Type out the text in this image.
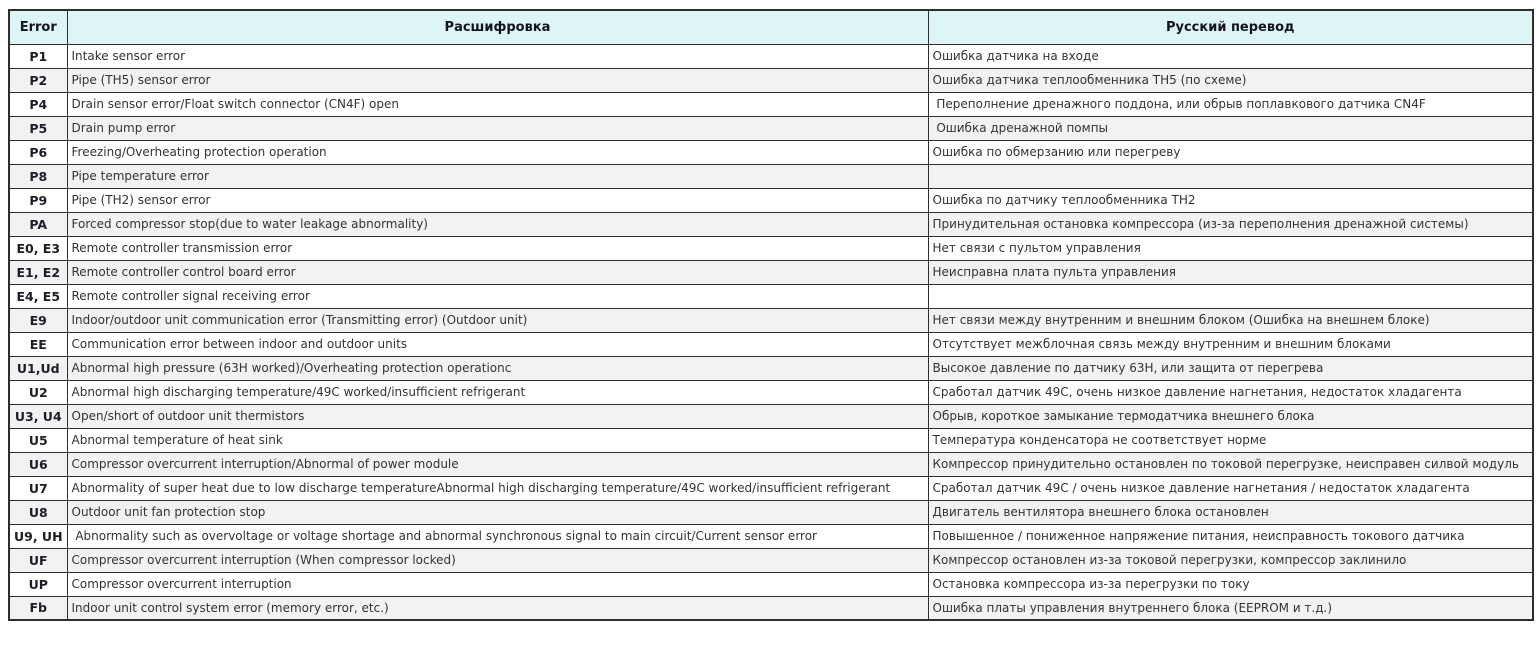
Error	Расшифровка	Русский перевод
P1	Intake sensor error	Ошибка датчика на входе
P2	Pipe (TH5) sensor error	Ошибка датчика теплообменника TH5 (по схеме)
P4	Drain sensor error/Float switch connector (CN4F) open	Переполнение дренажного поддона, или обрыв поплавкового датчика CN4F
P5	Drain pump error	Ошибка дренажной помпы
P6	Freezing/Overheating protection operation	Ошибка по обмерзанию или перегреву
P8	Pipe temperature error	
P9	Pipe (TH2) sensor error	Ошибка по датчику теплообменника TH2
PA	Forced compressor stop(due to water leakage abnormality)	Принудительная остановка компрессора (из-за переполнения дренажной системы)
E0, E3	Remote controller transmission error	Нет связи с пультом управления
E1, E2	Remote controller control board error	Неисправна плата пульта управления
E4, E5	Remote controller signal receiving error	
E9	Indoor/outdoor unit communication error (Transmitting error) (Outdoor unit)	Нет связи между внутренним и внешним блоком (Ошибка на внешнем блоке)
EE	Communication error between indoor and outdoor units	Отсутствует межблочная связь между внутренним и внешним блоками
U1,Ud	Abnormal high pressure (63H worked)/Overheating protection operationc	Высокое давление по датчику 63H, или защита от перегрева
U2	Abnormal high discharging temperature/49C worked/insufficient refrigerant	Сработал датчик 49C, очень низкое давление нагнетания, недостаток хладагента
U3, U4	Open/short of outdoor unit thermistors	Обрыв, короткое замыкание термодатчика внешнего блока
U5	Abnormal temperature of heat sink	Температура конденсатора не соответствует норме
U6	Compressor overcurrent interruption/Abnormal of power module	Компрессор принудительно остановлен по токовой перегрузке, неисправен силвой модуль
U7	Abnormality of super heat due to low discharge temperatureAbnormal high discharging temperature/49C worked/insufficient refrigerant	Сработал датчик 49C / очень низкое давление нагнетания / недостаток хладагента
U8	Outdoor unit fan protection stop	Двигатель вентилятора внешнего блока остановлен
U9, UH	Abnormality such as overvoltage or voltage shortage and abnormal synchronous signal to main circuit/Current sensor error	Повышенное / пониженное напряжение питания, неисправность токового датчика
UF	Compressor overcurrent interruption (When compressor locked)	Компрессор остановлен из-за токовой перегрузки, компрессор заклинило
UP	Compressor overcurrent interruption	Остановка компрессора из-за перегрузки по току
Fb	Indoor unit control system error (memory error, etc.)	Ошибка платы управления внутреннего блока (EEPROM и т.д.)
